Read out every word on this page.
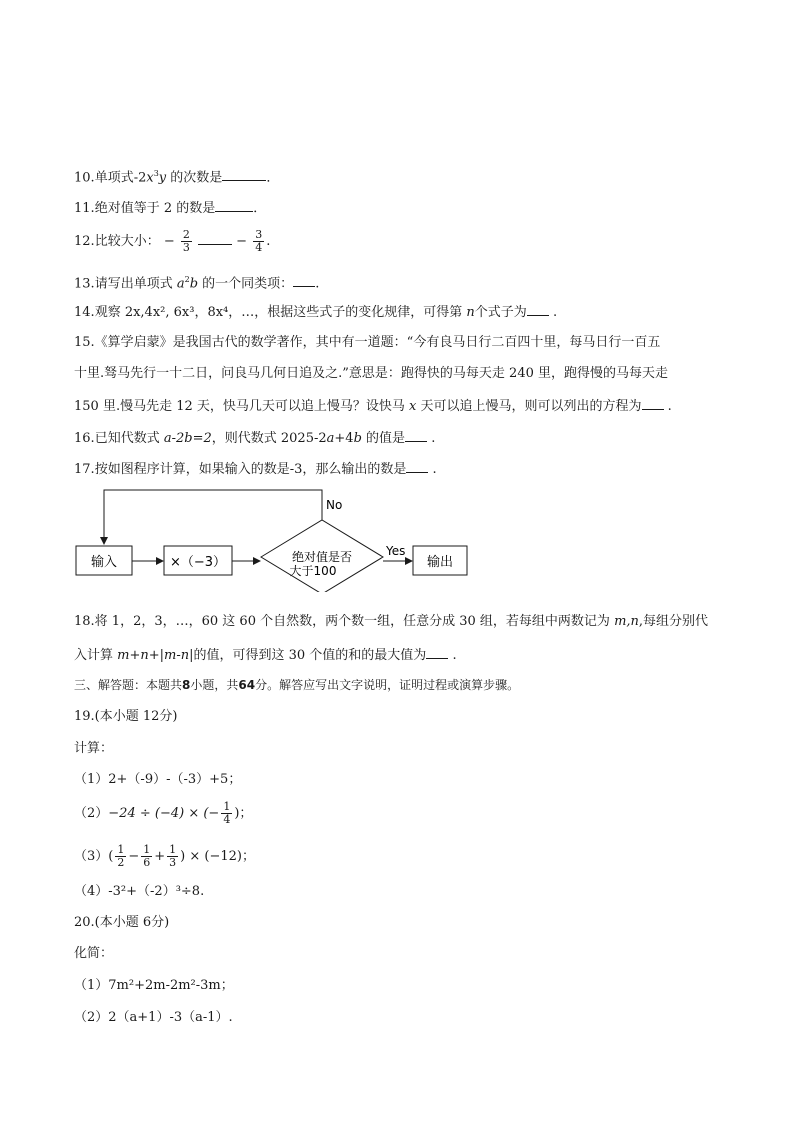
10.单项式$-2x^3y$ 的次数是	．
11.绝对值等于 2 的数是	．
12.比较大小： − $\frac{2}{3}$	− $\frac{3}{4}$ .
13.请写出单项式 $a^2b$ 的一个同类项： .
14.观察 2x,4x², 6x³，8x⁴，…，根据这些式子的变化规律，可得第 n个式子为 .
15.《算学启蒙》是我国古代的数学著作，其中有一道题：“今有良马日行二百四十里，每马日行一百五
十里.驽马先行一十二日，问良马几何日追及之.”意思是：跑得快的马每天走 240 里，跑得慢的马每天走
150 里.慢马先走 12 天，快马几天可以追上慢马？设快马 x 天可以追上慢马，则可以列出的方程为 .
16.已知代数式 a-2b=2，则代数式 2025-2a+4b 的值是 .
17.按如图程序计算，如果输入的数是-3，那么输出的数是 .
输入	×（−3）	绝对值是否
大于100
Yes
输出
No
18.将 1，2，3，…，60 这 60 个自然数，两个数一组，任意分成 30 组，若每组中两数记为 m,n,每组分别代
入计算 m+n+|m-n|的值，可得到这 30 个值的和的最大值为 .
三、解答题：本题共8小题，共64分。解答应写出文字说明，证明过程或演算步骤。
19.(本小题 12分)
计算：
（1）2+（-9）-（-3）+5；
（2）−24 ÷ (−4) × (− $\frac{1}{4}$ )；
$(3)( \frac{1}{2} - \frac{1}{6} + \frac{1}{3}$ ) × (−12)；
（4）-3²+（-2）³÷8.
20.(本小题 6分)
化简：
（1）7m²+2m-2m²-3m；
（2）2（a+1）-3（a-1）.
